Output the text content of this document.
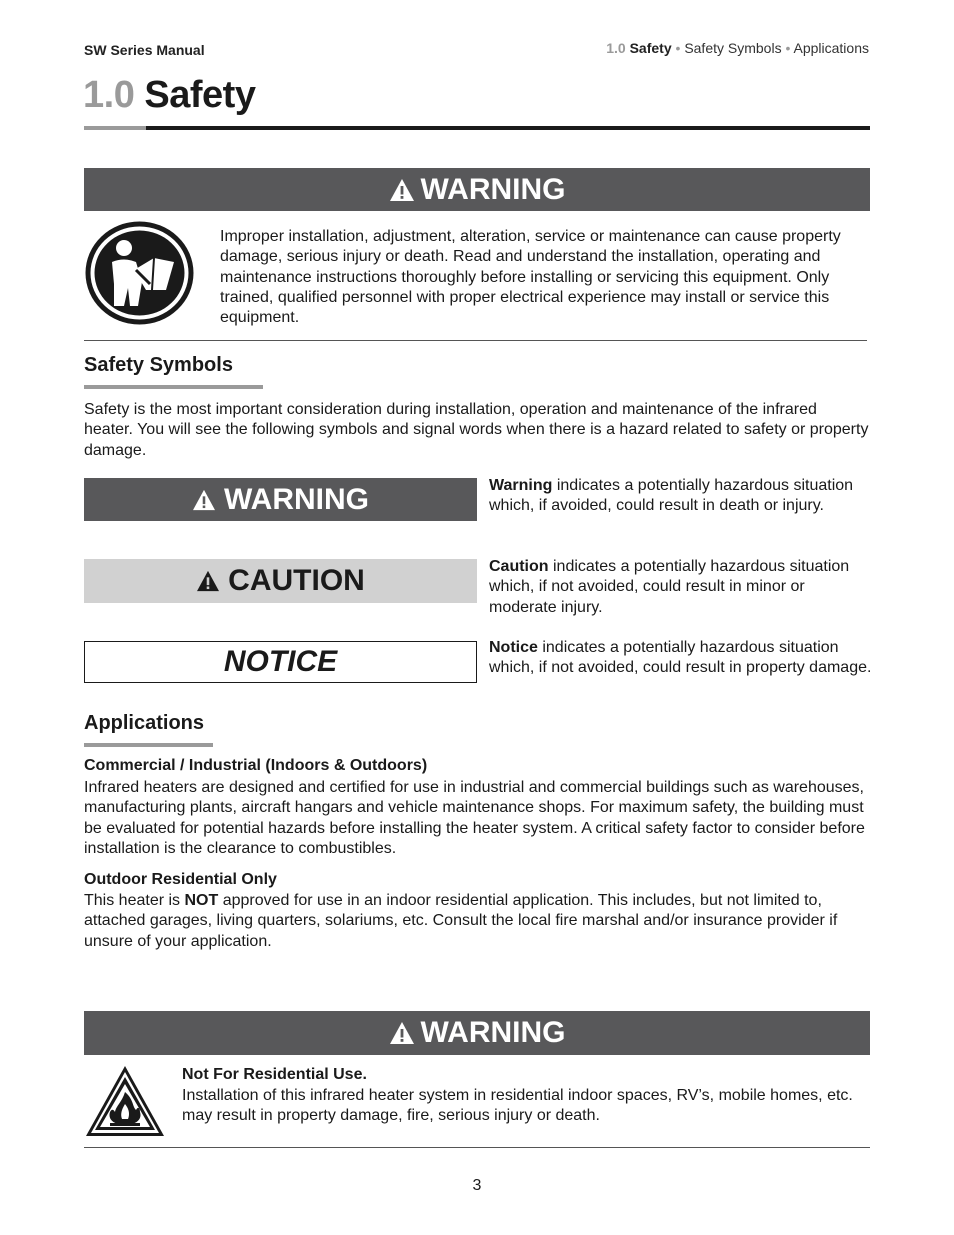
SW Series Manual	1.0 Safety • Safety Symbols • Applications
1.0 Safety
WARNING
Improper installation, adjustment, alteration, service or maintenance can cause property damage, serious injury or death. Read and understand the installation, operating and maintenance instructions thoroughly before installing or servicing this equipment. Only trained, qualified personnel with proper electrical experience may install or service this equipment.
Safety Symbols
Safety is the most important consideration during installation, operation and maintenance of the infrared heater. You will see the following symbols and signal words when there is a hazard related to safety or property damage.
WARNING	Warning indicates a potentially hazardous situation which, if avoided, could result in death or injury.
CAUTION	Caution indicates a potentially hazardous situation which, if not avoided, could result in minor or moderate injury.
NOTICE	Notice indicates a potentially hazardous situation which, if not avoided, could result in property damage.
Applications
Commercial / Industrial (Indoors & Outdoors)
Infrared heaters are designed and certified for use in industrial and commercial buildings such as warehouses, manufacturing plants, aircraft hangars and vehicle maintenance shops. For maximum safety, the building must be evaluated for potential hazards before installing the heater system. A critical safety factor to consider before installation is the clearance to combustibles.
Outdoor Residential Only
This heater is NOT approved for use in an indoor residential application. This includes, but not limited to, attached garages, living quarters, solariums, etc. Consult the local fire marshal and/or insurance provider if unsure of your application.
WARNING
Not For Residential Use.
Installation of this infrared heater system in residential indoor spaces, RV’s, mobile homes, etc. may result in property damage, fire, serious injury or death.
3
